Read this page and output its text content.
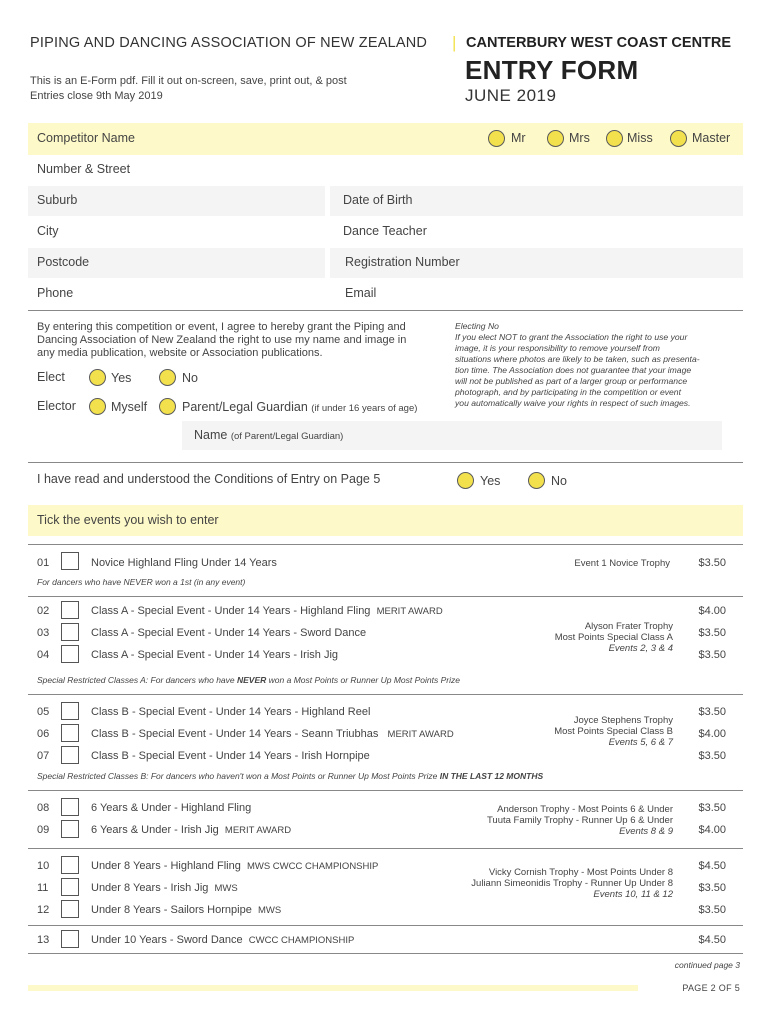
PIPING AND DANCING ASSOCIATION OF NEW ZEALAND | CANTERBURY WEST COAST CENTRE
ENTRY FORM
JUNE 2019
This is an E-Form pdf. Fill it out on-screen, save, print out, & post
Entries close 9th May 2019
Competitor Name	Mr	Mrs	Miss	Master
Number & Street
Suburb	Date of Birth
City	Dance Teacher
Postcode	Registration Number
Phone	Email
By entering this competition or event, I agree to hereby grant the Piping and
Dancing Association of New Zealand the right to use my name and image in
any media publication, website or Association publications.
Elect	Yes	No
Elector	Myself	Parent/Legal Guardian (if under 16 years of age)
Electing No
If you elect NOT to grant the Association the right to use your
image, it is your responsibility to remove yourself from
situations where photos are likely to be taken, such as presenta-
tion time. The Association does not guarantee that your image
will not be published as part of a larger group or performance
photograph, and by participating in the competition or event
you automatically waive your rights in respect of such images.
Name (of Parent/Legal Guardian)
I have read and understood the Conditions of Entry on Page 5	Yes	No
Tick the events you wish to enter
01	Novice Highland Fling Under 14 Years	Event 1 Novice Trophy	$3.50
For dancers who have NEVER won a 1st (in any event)
02	Class A - Special Event - Under 14 Years - Highland Fling MERIT AWARD	$4.00
03	Class A - Special Event - Under 14 Years - Sword Dance	$3.50
04	Class A - Special Event - Under 14 Years - Irish Jig	$3.50
Alyson Frater Trophy
Most Points Special Class A
Events 2, 3 & 4
Special Restricted Classes A: For dancers who have NEVER won a Most Points or Runner Up Most Points Prize
05	Class B - Special Event - Under 14 Years - Highland Reel	$3.50
06	Class B - Special Event - Under 14 Years - Seann Triubhas MERIT AWARD	$4.00
07	Class B - Special Event - Under 14 Years - Irish Hornpipe	$3.50
Joyce Stephens Trophy
Most Points Special Class B
Events 5, 6 & 7
Special Restricted Classes B: For dancers who haven't won a Most Points or Runner Up Most Points Prize IN THE LAST 12 MONTHS
08	6 Years & Under - Highland Fling	$3.50
09	6 Years & Under - Irish Jig MERIT AWARD	$4.00
Anderson Trophy - Most Points 6 & Under
Tuuta Family Trophy - Runner Up 6 & Under
Events 8 & 9
10	Under 8 Years - Highland Fling MWS CWCC CHAMPIONSHIP	$4.50
11	Under 8 Years - Irish Jig MWS	$3.50
12	Under 8 Years - Sailors Hornpipe MWS	$3.50
Vicky Cornish Trophy - Most Points Under 8
Juliann Simeonidis Trophy - Runner Up Under 8
Events 10, 11 & 12
13	Under 10 Years - Sword Dance CWCC CHAMPIONSHIP	$4.50
continued page 3
PAGE 2 OF 5
